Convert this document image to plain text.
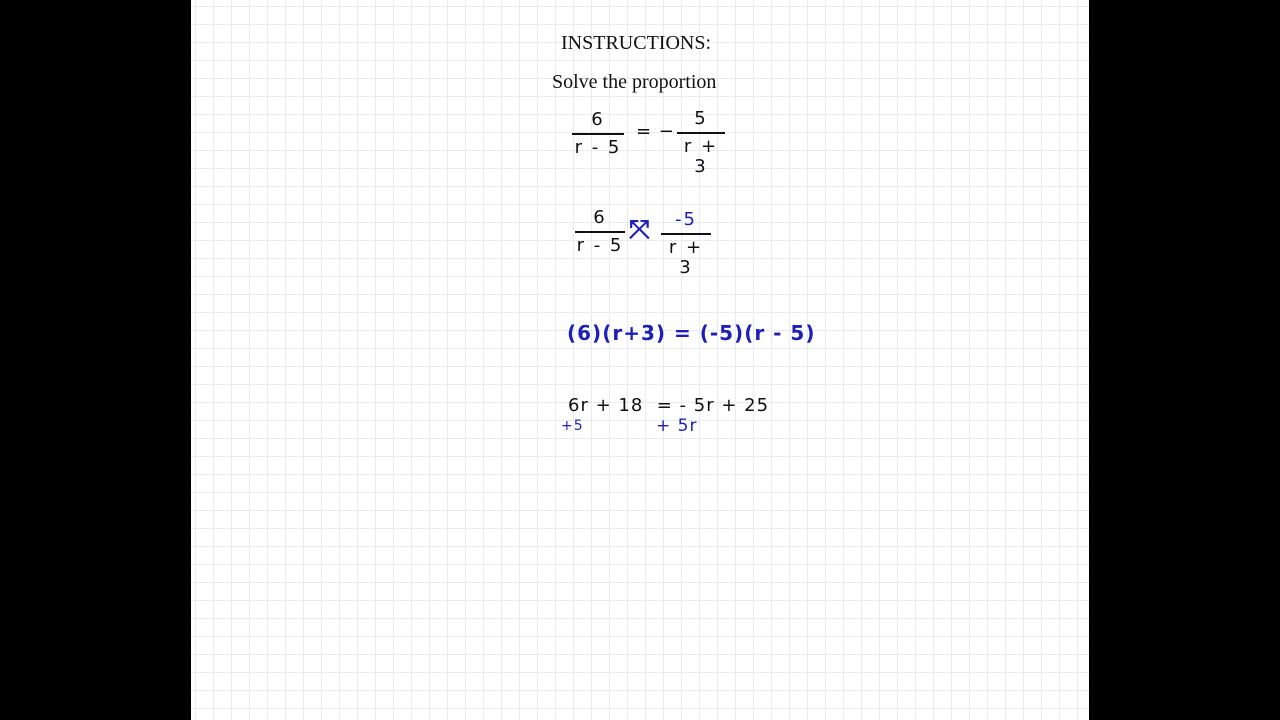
INSTRUCTIONS:
Solve the proportion
6
r - 5
= −
5
r + 3
6
r - 5
⤧	-5
r + 3
(6)(r+3) = (-5)(r - 5)
6r + 18  = - 5r + 25
+5	+ 5r
